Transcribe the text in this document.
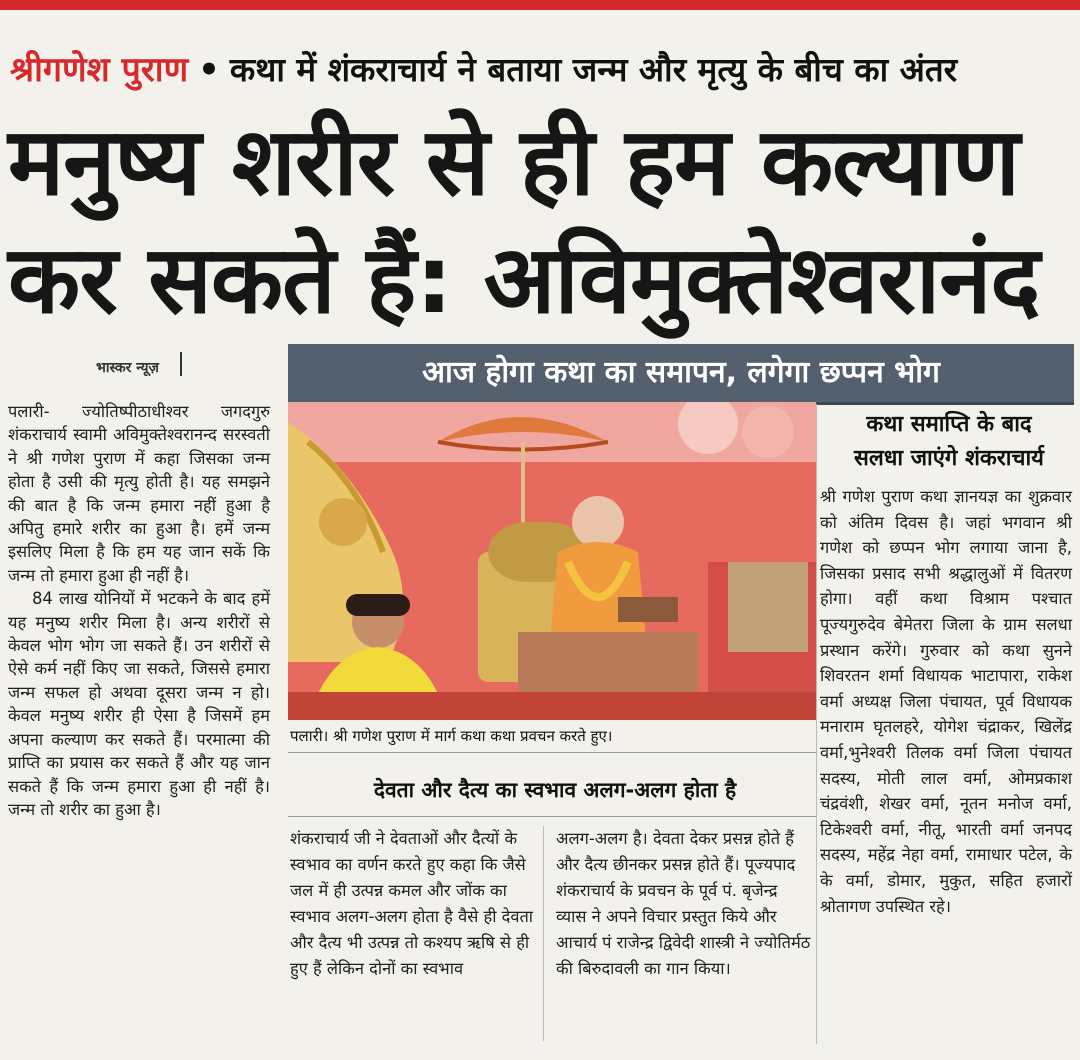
श्रीगणेश पुराण • कथा में शंकराचार्य ने बताया जन्म और मृत्यु के बीच का अंतर
मनुष्य शरीर से ही हम कल्याण
कर सकते हैं: अविमुक्तेश्वरानंद
भास्कर न्यूज़

पलारी- ज्योतिष्पीठाधीश्वर जगदगुरु शंकराचार्य स्वामी अविमुक्तेश्वरानन्द सरस्वती ने श्री गणेश पुराण में कहा जिसका जन्म होता है उसी की मृत्यु होती है। यह समझने की बात है कि जन्म हमारा नहीं हुआ है अपितु हमारे शरीर का हुआ है। हमें जन्म इसलिए मिला है कि हम यह जान सकें कि जन्म तो हमारा हुआ ही नहीं है।

84 लाख योनियों में भटकने के बाद हमें यह मनुष्य शरीर मिला है। अन्य शरीरों से केवल भोग भोग जा सकते हैं। उन शरीरों से ऐसे कर्म नहीं किए जा सकते, जिससे हमारा जन्म सफल हो अथवा दूसरा जन्म न हो। केवल मनुष्य शरीर ही ऐसा है जिसमें हम अपना कल्याण कर सकते हैं। परमात्मा की प्राप्ति का प्रयास कर सकते हैं और यह जान सकते हैं कि जन्म हमारा हुआ ही नहीं है। जन्म तो शरीर का हुआ है।

आज होगा कथा का समापन, लगेगा छप्पन भोग
पलारी। श्री गणेश पुराण में मार्ग कथा कथा प्रवचन करते हुए।
कथा समाप्ति के बाद
सलधा जाएंगे शंकराचार्य
श्री गणेश पुराण कथा ज्ञानयज्ञ का शुक्रवार को अंतिम दिवस है। जहां भगवान श्री गणेश को छप्पन भोग लगाया जाना है, जिसका प्रसाद सभी श्रद्धालुओं में वितरण होगा। वहीं कथा विश्राम पश्चात पूज्यगुरुदेव बेमेतरा जिला के ग्राम सलधा प्रस्थान करेंगे। गुरुवार को कथा सुनने शिवरतन शर्मा विधायक भाटापारा, राकेश वर्मा अध्यक्ष जिला पंचायत, पूर्व विधायक मनाराम घृतलहरे, योगेश चंद्राकर, खिलेंद्र वर्मा,भुनेश्वरी तिलक वर्मा जिला पंचायत सदस्य, मोती लाल वर्मा, ओमप्रकाश चंद्रवंशी, शेखर वर्मा, नूतन मनोज वर्मा, टिकेश्वरी वर्मा, नीतू, भारती वर्मा जनपद सदस्य, महेंद्र नेहा वर्मा, रामाधार पटेल, के के वर्मा, डोमार, मुकुत, सहित हजारों श्रोतागण उपस्थित रहे।
देवता और दैत्य का स्वभाव अलग-अलग होता है

शंकराचार्य जी ने देवताओं और दैत्यों के स्वभाव का वर्णन करते हुए कहा कि जैसे जल में ही उत्पन्न कमल और जोंक का स्वभाव अलग-अलग होता है वैसे ही देवता और दैत्य भी उत्पन्न तो कश्यप ऋषि से ही हुए हैं लेकिन दोनों का स्वभाव

अलग-अलग है। देवता देकर प्रसन्न होते हैं और दैत्य छीनकर प्रसन्न होते हैं। पूज्यपाद शंकराचार्य के प्रवचन के पूर्व पं. बृजेन्द्र व्यास ने अपने विचार प्रस्तुत किये और आचार्य पं राजेन्द्र द्विवेदी शास्त्री ने ज्योतिर्मठ की बिरुदावली का गान किया।
